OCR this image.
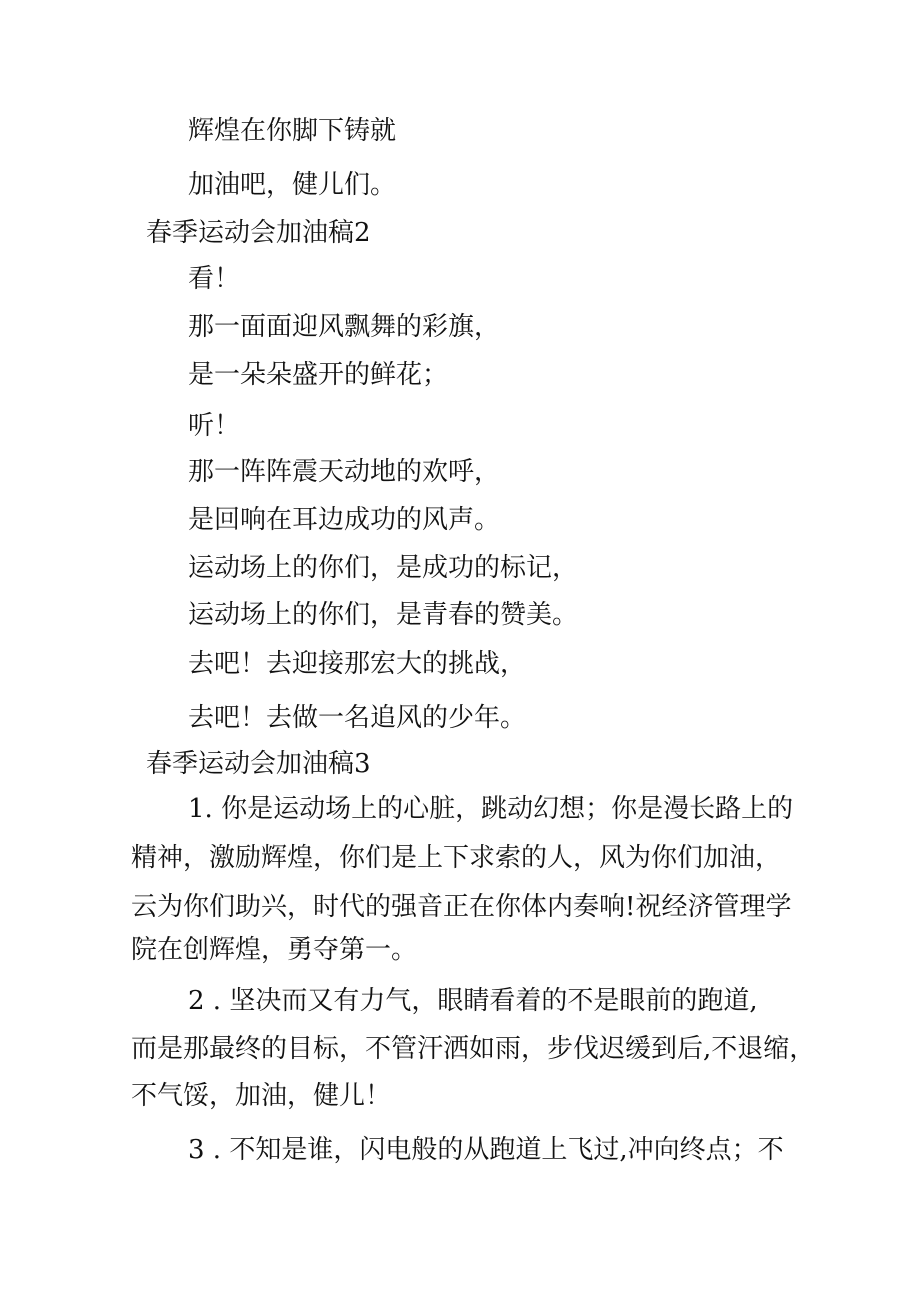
辉煌在你脚下铸就
加油吧，健儿们。
春季运动会加油稿2
看！
那一面面迎风飘舞的彩旗，
是一朵朵盛开的鲜花；
听！
那一阵阵震天动地的欢呼，
是回响在耳边成功的风声。
运动场上的你们，是成功的标记，
运动场上的你们，是青春的赞美。
去吧！去迎接那宏大的挑战，
去吧！去做一名追风的少年。
春季运动会加油稿3
1. 你是运动场上的心脏，跳动幻想；你是漫长路上的
精神，激励辉煌，你们是上下求索的人，风为你们加油，
云为你们助兴，时代的强音正在你体内奏响!祝经济管理学
院在创辉煌，勇夺第一。
2 . 坚决而又有力气，眼睛看着的不是眼前的跑道,
而是那最终的目标，不管汗洒如雨，步伐迟缓到后,不退缩，
不气馁，加油，健儿！
3 . 不知是谁，闪电般的从跑道上飞过,冲向终点；不
